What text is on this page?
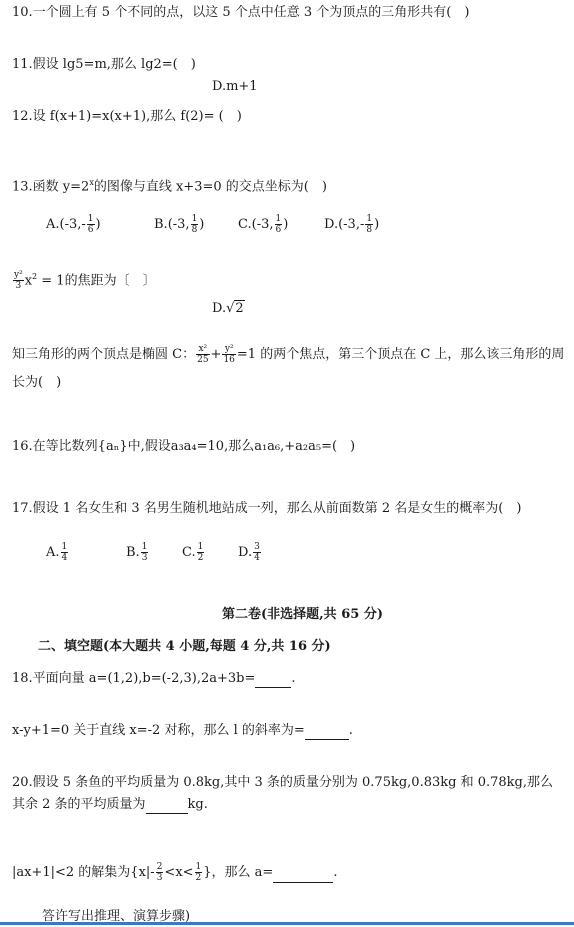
10.一个圆上有 5 个不同的点，以这 5 个点中任意 3 个为顶点的三角形共有(　)
11.假设 lg5=m,那么 lg2=(　)
D.m+1
12.设 f(x+1)=x(x+1),那么 f(2)= (　)
13.函数 $y=2^x$的图像与直线 x+3=0 的交点坐标为(　)
$A.(-3,- \frac{1}{6}$ )	B.(-3, $\frac{1}{8}$ )	C.(-3, $\frac{1}{6}$ )	$D.(-3,- \frac{1}{8}$ )
$\frac{\text{y²}}{3} x^2 = 1$的焦距为〔　〕
D.√2
知三角形的两个顶点是椭圆 C： $\frac{\text{x²}}{25} + \frac{\text{y²}}{16} =1$ 的两个焦点，第三个顶点在 C 上，那么该三角形的周
长为(　)
16.在等比数列{aₙ}中,假设a₃a₄=10,那么a₁a₆,+a₂a₅=(　)
17.假设 1 名女生和 3 名男生随机地站成一列，那么从前面数第 2 名是女生的概率为(　)
A. $\frac{1}{4}$	B. $\frac{1}{3}$	C. $\frac{1}{2}$	D. $\frac{3}{4}$
第二卷(非选择题,共 65 分)
二、填空题(本大题共 4 小题,每题 4 分,共 16 分)
18.平面向量 a=(1,2),b=(-2,3),2a+3b=	.
x-y+1=0 关于直线 x=-2 对称，那么 l 的斜率为=	.
20.假设 5 条鱼的平均质量为 0.8kg,其中 3 条的质量分别为 0.75kg,0.83kg 和 0.78kg,那么
其余 2 条的平均质量为	kg.
|ax+1|<2 的解集为{$x|- \frac{2}{3} <x< \frac{1}{2}$ }，那么 a=	.
答许写出推理、演算步骤)
